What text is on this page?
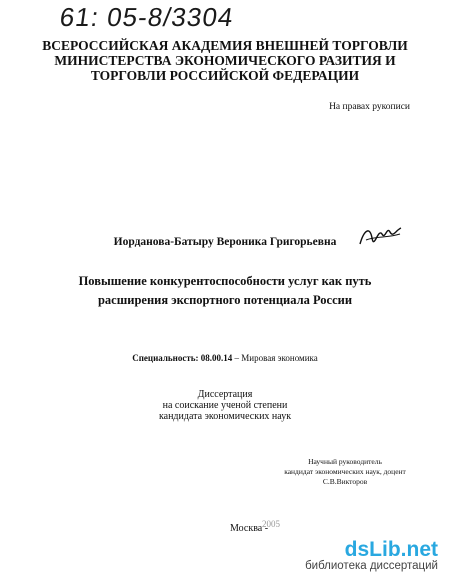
61: 05-8/3304
ВСЕРОССИЙСКАЯ АКАДЕМИЯ ВНЕШНЕЙ ТОРГОВЛИ
МИНИСТЕРСТВА ЭКОНОМИЧЕСКОГО РАЗИТИЯ И
ТОРГОВЛИ РОССИЙСКОЙ ФЕДЕРАЦИИ
На правах рукописи
Иорданова-Батыру Вероника Григорьевна
Повышение конкурентоспособности услуг как путь
расширения экспортного потенциала России
Специальность: 08.00.14 – Мировая экономика
Диссертация
на соискание ученой степени
кандидата экономических наук
Научный руководитель
кандидат экономических наук, доцент
С.В.Викторов
Москва -
2005
dsLib.net
библиотека диссертаций
